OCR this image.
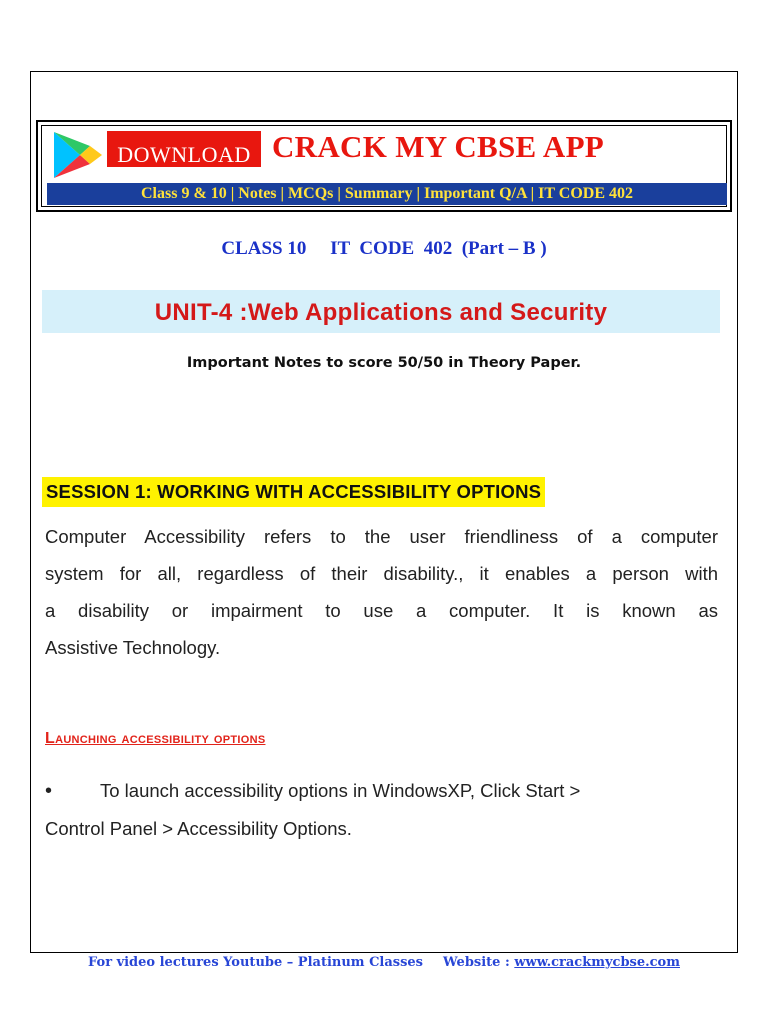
DOWNLOAD CRACK MY CBSE APP
Class 9 & 10 | Notes | MCQs | Summary | Important Q/A | IT CODE 402
CLASS 10     IT  CODE  402  (Part – B )
UNIT-4 :Web Applications and Security
Important Notes to score 50/50 in Theory Paper.
SESSION 1: WORKING WITH ACCESSIBILITY OPTIONS
Computer Accessibility refers to the user friendliness of a computer
system for all, regardless of their disability., it enables a person with
a disability or impairment to use a computer. It is known as
Assistive Technology.
Launching accessibility options
•	To launch accessibility options in WindowsXP, Click Start >
Control Panel > Accessibility Options.
For video lectures Youtube – Platinum Classes Website : www.crackmycbse.com
